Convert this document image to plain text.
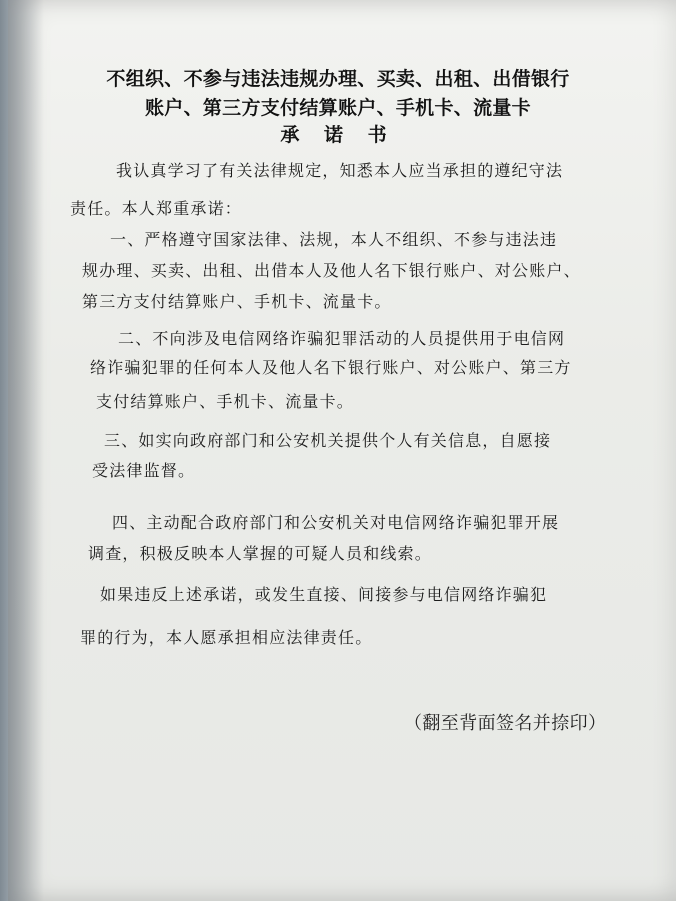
不组织、不参与违法违规办理、买卖、出租、出借银行
账户、第三方支付结算账户、手机卡、流量卡
承 诺 书
我认真学习了有关法律规定，知悉本人应当承担的遵纪守法
责任。本人郑重承诺：
一、严格遵守国家法律、法规，本人不组织、不参与违法违
规办理、买卖、出租、出借本人及他人名下银行账户、对公账户、
第三方支付结算账户、手机卡、流量卡。
二、不向涉及电信网络诈骗犯罪活动的人员提供用于电信网
络诈骗犯罪的任何本人及他人名下银行账户、对公账户、第三方
支付结算账户、手机卡、流量卡。
三、如实向政府部门和公安机关提供个人有关信息，自愿接
受法律监督。
四、主动配合政府部门和公安机关对电信网络诈骗犯罪开展
调查，积极反映本人掌握的可疑人员和线索。
如果违反上述承诺，或发生直接、间接参与电信网络诈骗犯
罪的行为，本人愿承担相应法律责任。
（翻至背面签名并捺印）
